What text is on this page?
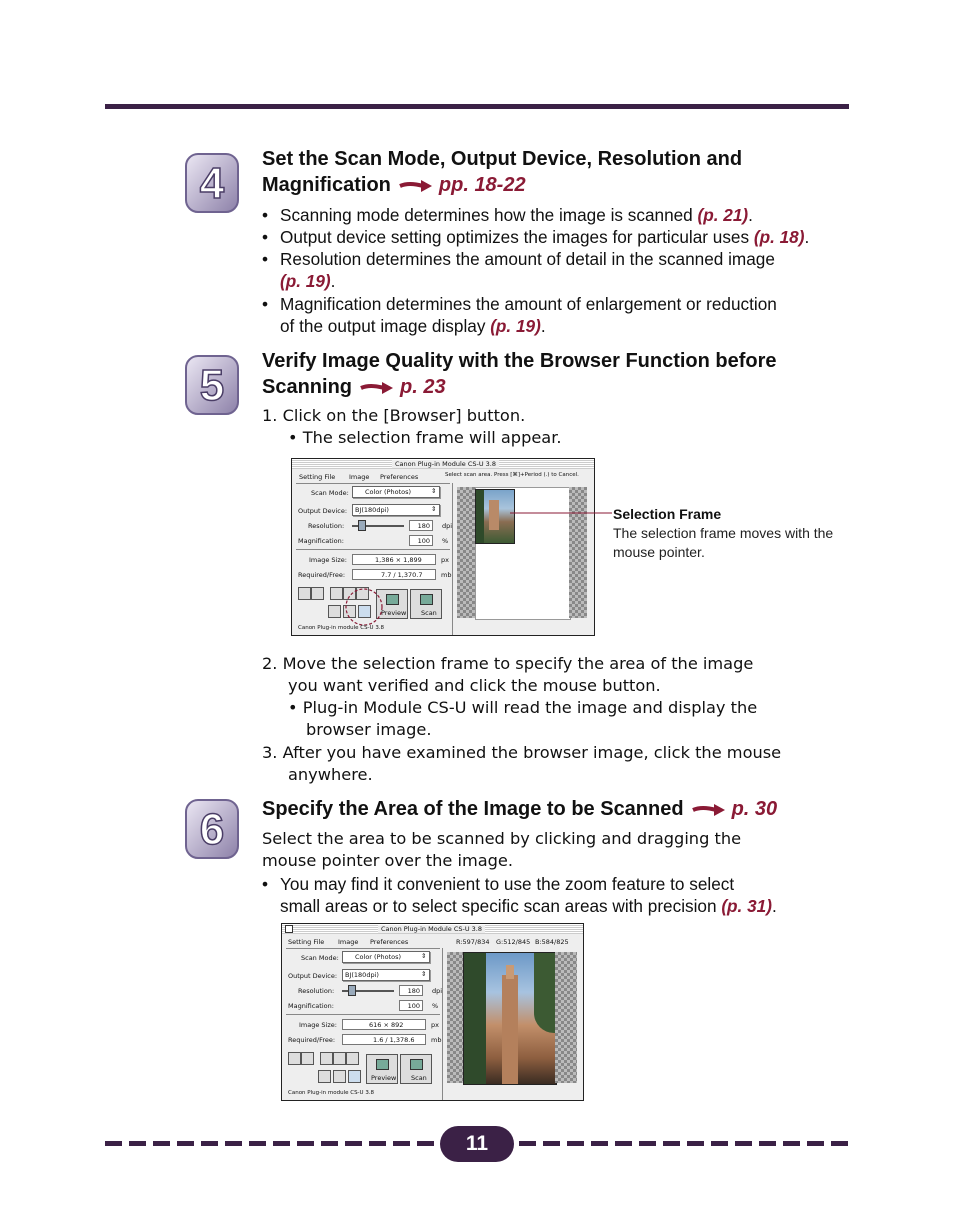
4 Set the Scan Mode, Output Device, Resolution and
Magnification pp. 18-22
• Scanning mode determines how the image is scanned (p. 21).
• Output device setting optimizes the images for particular uses (p. 18).
• Resolution determines the amount of detail in the scanned image
(p. 19).
• Magnification determines the amount of enlargement or reduction
of the output image display (p. 19).
5 Verify Image Quality with the Browser Function before
Scanning p. 23
1. Click on the [Browser] button.
• The selection frame will appear.
Canon Plug-in Module CS-U 3.8
Setting File Image Preferences	Select scan area. Press [⌘]+Period (.) to Cancel.
Scan Mode: Color (Photos)	⇕
Output Device: BJ(180dpi)	⇕
Resolution:	180 dpi
Magnification:	100 %
Image Size:	1,386 × 1,899	px
Required/Free:	7.7 / 1,370.7	mb
Preview Scan
Canon Plug-in module CS-U 3.8
Selection Frame
The selection frame moves with the mouse pointer.
2. Move the selection frame to specify the area of the image
you want verified and click the mouse button.
• Plug-in Module CS-U will read the image and display the
browser image.
3. After you have examined the browser image, click the mouse
anywhere.
6 Specify the Area of the Image to be Scanned p. 30
Select the area to be scanned by clicking and dragging the
mouse pointer over the image.
• You may find it convenient to use the zoom feature to select
small areas or to select specific scan areas with precision (p. 31).
Canon Plug-in Module CS-U 3.8
Setting File Image Preferences	R:597/834 G:512/845 B:584/825
Scan Mode: Color (Photos)	⇕
Output Device: BJ(180dpi)	⇕
Resolution:	180 dpi
Magnification:	100 %
Image Size:	616 × 892	px
Required/Free:	1.6 / 1,378.6	mb
Preview Scan
Canon Plug-in module CS-U 3.8
11
